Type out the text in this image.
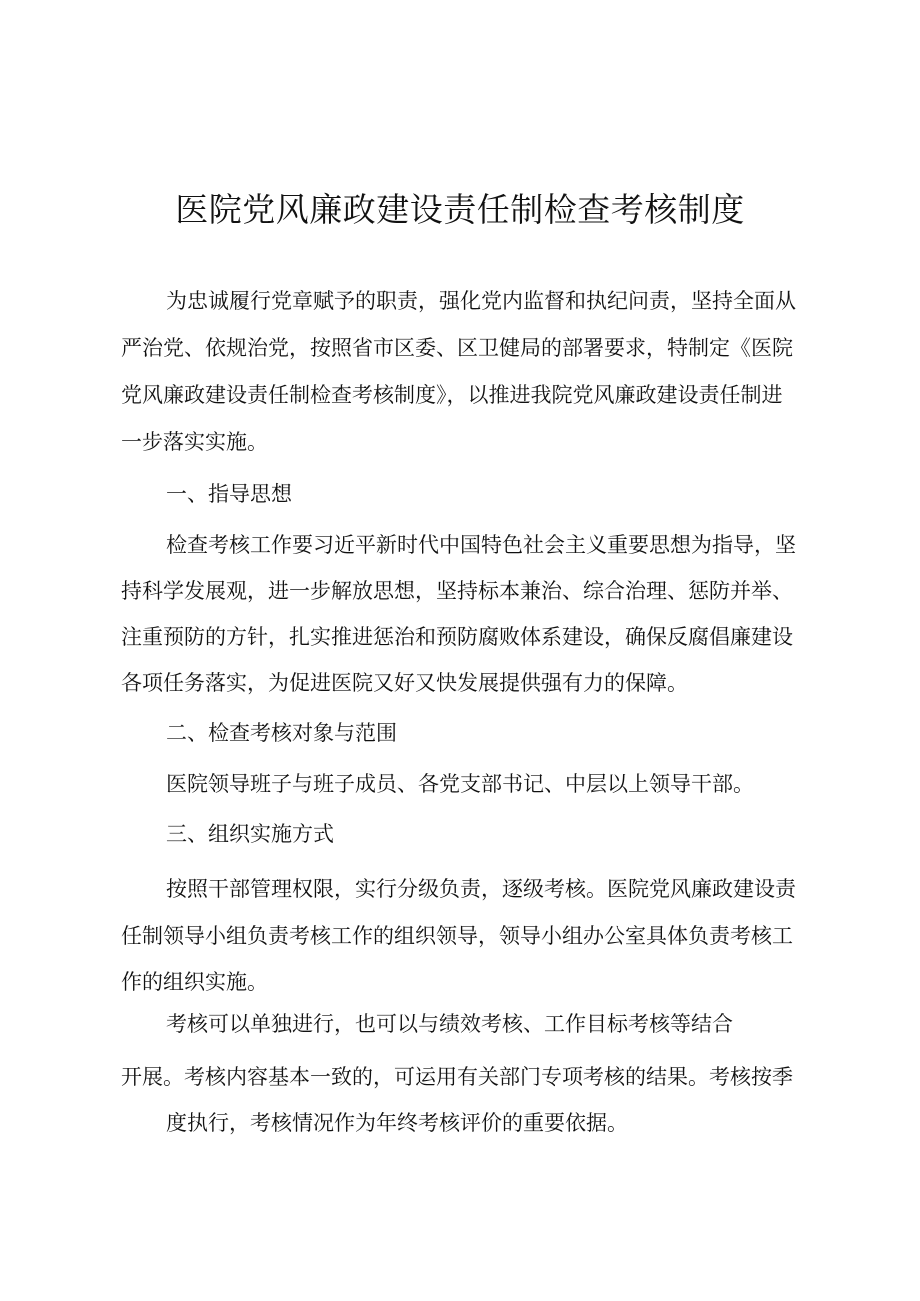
医院党风廉政建设责任制检查考核制度
为忠诚履行党章赋予的职责，强化党内监督和执纪问责，坚持全面从
严治党、依规治党，按照省市区委、区卫健局的部署要求，特制定《医院
党风廉政建设责任制检查考核制度》，以推进我院党风廉政建设责任制进
一步落实实施。
一、指导思想
检查考核工作要习近平新时代中国特色社会主义重要思想为指导，坚
持科学发展观，进一步解放思想，坚持标本兼治、综合治理、惩防并举、
注重预防的方针，扎实推进惩治和预防腐败体系建设，确保反腐倡廉建设
各项任务落实，为促进医院又好又快发展提供强有力的保障。
二、检查考核对象与范围
医院领导班子与班子成员、各党支部书记、中层以上领导干部。
三、组织实施方式
按照干部管理权限，实行分级负责，逐级考核。医院党风廉政建设责
任制领导小组负责考核工作的组织领导，领导小组办公室具体负责考核工
作的组织实施。
考核可以单独进行，也可以与绩效考核、工作目标考核等结合
开展。考核内容基本一致的，可运用有关部门专项考核的结果。考核按季
度执行，考核情况作为年终考核评价的重要依据。
